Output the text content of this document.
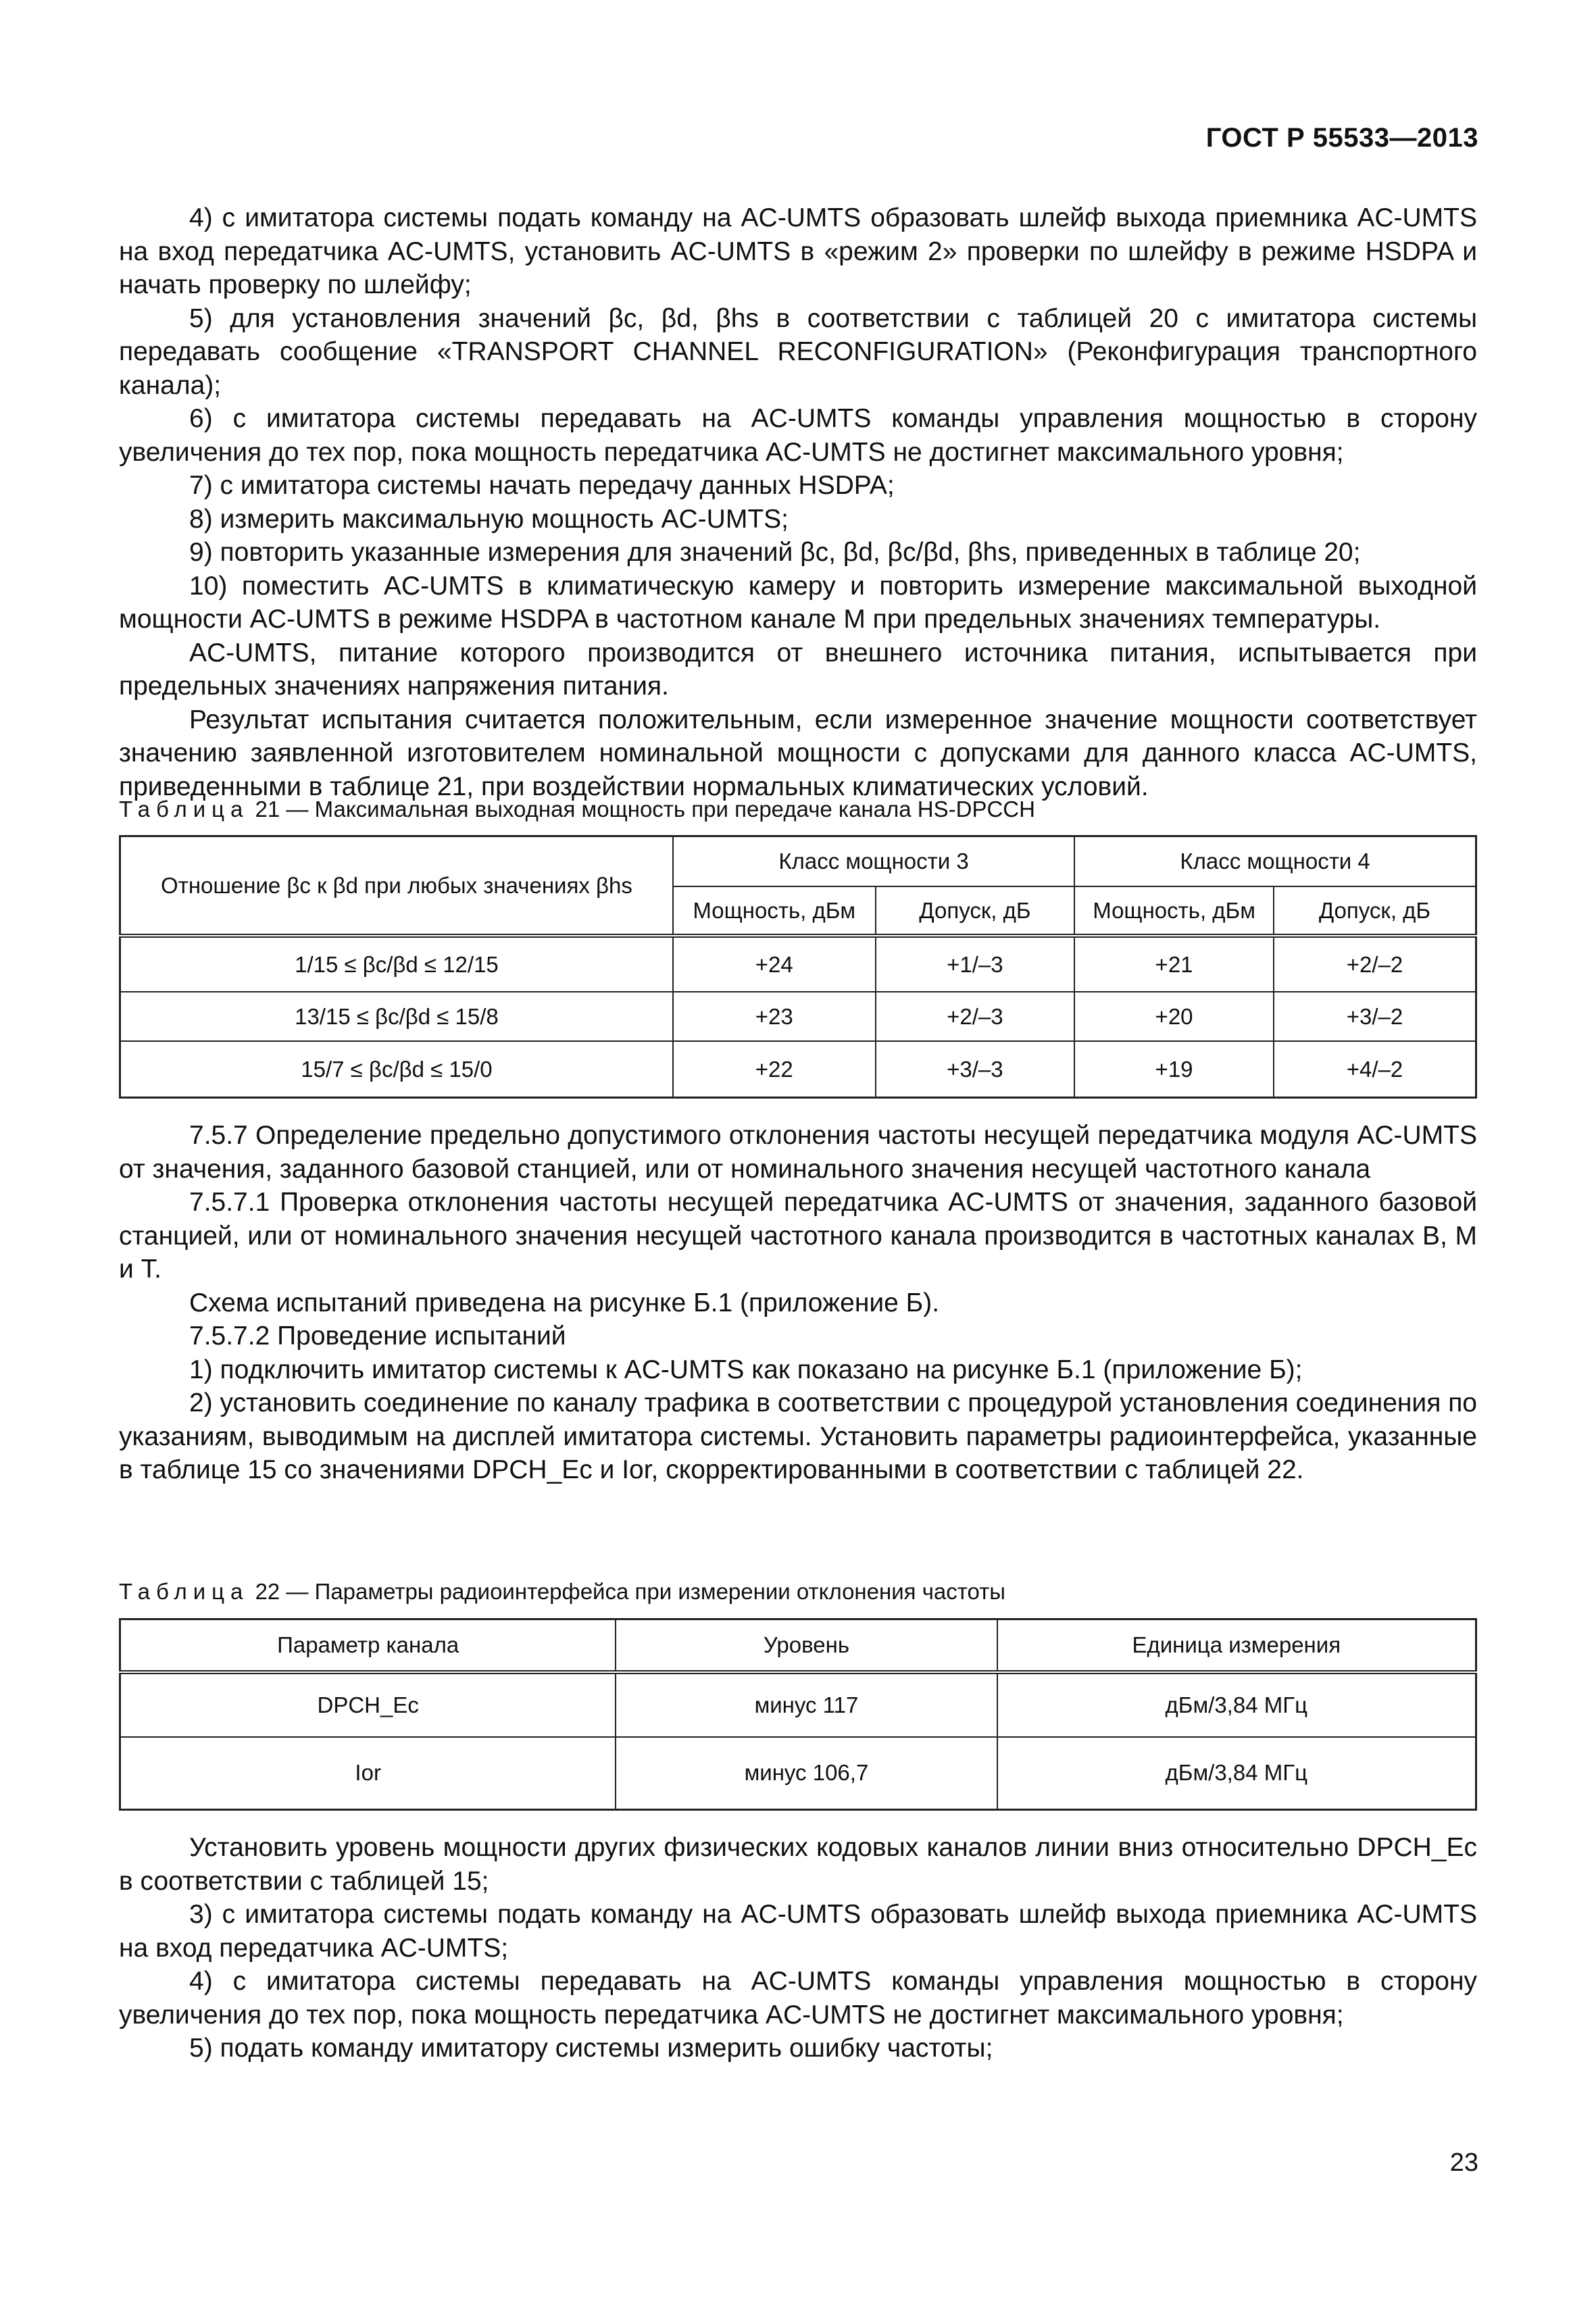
ГОСТ Р 55533—2013

4) с имитатора системы подать команду на AC-UMTS образовать шлейф выхода приемника AC-UMTS на вход передатчика AC-UMTS, установить AC-UMTS в «режим 2» проверки по шлейфу в режиме HSDPA и начать проверку по шлейфу;

5) для установления значений βc, βd, βhs в соответствии с таблицей 20 с имитатора системы передавать сообщение «TRANSPORT CHANNEL RECONFIGURATION» (Реконфигурация транспортного канала);

6) с имитатора системы передавать на AC-UMTS команды управления мощностью в сторону увеличения до тех пор, пока мощность передатчика AC-UMTS не достигнет максимального уровня;

7) с имитатора системы начать передачу данных HSDPA;

8) измерить максимальную мощность AC-UMTS;

9) повторить указанные измерения для значений βc, βd, βc/βd, βhs, приведенных в таблице 20;

10) поместить AC-UMTS в климатическую камеру и повторить измерение максимальной выходной мощности AC-UMTS в режиме HSDPA в частотном канале М при предельных значениях температуры.

AC-UMTS, питание которого производится от внешнего источника питания, испытывается при предельных значениях напряжения питания.

Результат испытания считается положительным, если измеренное значение мощности соответствует значению заявленной изготовителем номинальной мощности с допусками для данного класса AC-UMTS, приведенными в таблице 21, при воздействии нормальных климатических условий.

Таблица 21 — Максимальная выходная мощность при передаче канала HS-DPCCH
Отношение βc к βd при любых значениях βhs	Класс мощности 3		Класс мощности 4	
	Мощность, дБм	Допуск, дБ	Мощность, дБм	Допуск, дБ
1/15 ≤ βc/βd ≤ 12/15	+24	+1/–3	+21	+2/–2
13/15 ≤ βc/βd ≤ 15/8	+23	+2/–3	+20	+3/–2
15/7 ≤ βc/βd ≤ 15/0	+22	+3/–3	+19	+4/–2

7.5.7 Определение предельно допустимого отклонения частоты несущей передатчика модуля AC-UMTS от значения, заданного базовой станцией, или от номинального значения несущей частотного канала

7.5.7.1 Проверка отклонения частоты несущей передатчика AC-UMTS от значения, заданного базовой станцией, или от номинального значения несущей частотного канала производится в частотных каналах В, М и Т.

Схема испытаний приведена на рисунке Б.1 (приложение Б).

7.5.7.2 Проведение испытаний

1) подключить имитатор системы к AC-UMTS как показано на рисунке Б.1 (приложение Б);

2) установить соединение по каналу трафика в соответствии с процедурой установления соединения по указаниям, выводимым на дисплей имитатора системы. Установить параметры радиоинтерфейса, указанные в таблице 15 со значениями DPCH_Ec и Ior, скорректированными в соответствии с таблицей 22.

Таблица 22 — Параметры радиоинтерфейса при измерении отклонения частоты
Параметр канала	Уровень	Единица измерения
DPCH_Ec	минус 117	дБм/3,84 МГц
Ior	минус 106,7	дБм/3,84 МГц

Установить уровень мощности других физических кодовых каналов линии вниз относительно DPCH_Ec в соответствии с таблицей 15;

3) с имитатора системы подать команду на AC-UMTS образовать шлейф выхода приемника AC-UMTS на вход передатчика AC-UMTS;

4) с имитатора системы передавать на AC-UMTS команды управления мощностью в сторону увеличения до тех пор, пока мощность передатчика AC-UMTS не достигнет максимального уровня;

5) подать команду имитатору системы измерить ошибку частоты;

23
